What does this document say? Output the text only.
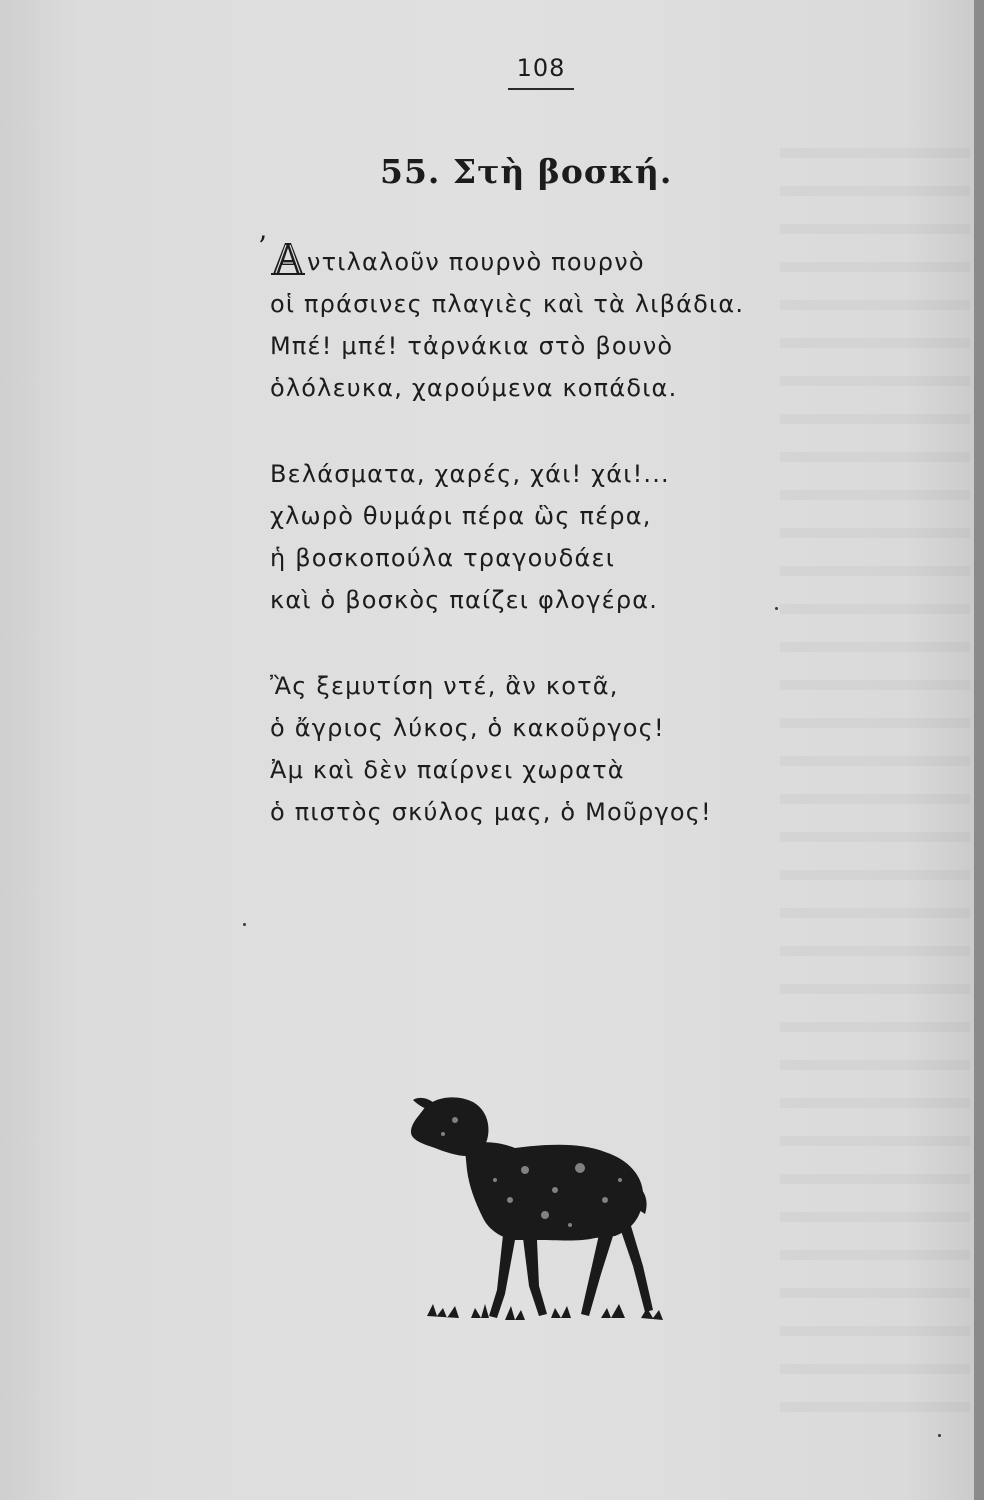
108
55. Στὴ βοσκή.
’ ντιλαλοῦν πουρνὸ πουρνὸ
οἱ πράσινες πλαγιὲς καὶ τὰ λιβάδια.
Μπέ! μπέ! τἀρνάκια στὸ βουνὸ
ὁλόλευκα, χαρούμενα κοπάδια.
Βελάσματα, χαρές, χάι! χάι!...
χλωρὸ θυμάρι πέρα ὣς πέρα,
ἡ βοσκοπούλα τραγουδάει
καὶ ὁ βοσκὸς παίζει φλογέρα.
Ἂς ξεμυτίση ντέ, ἂν κοτᾶ,
ὁ ἄγριος λύκος, ὁ κακοῦργος!
Ἀμ καὶ δὲν παίρνει χωρατὰ
ὁ πιστὸς σκύλος μας, ὁ Μοῦργος!
